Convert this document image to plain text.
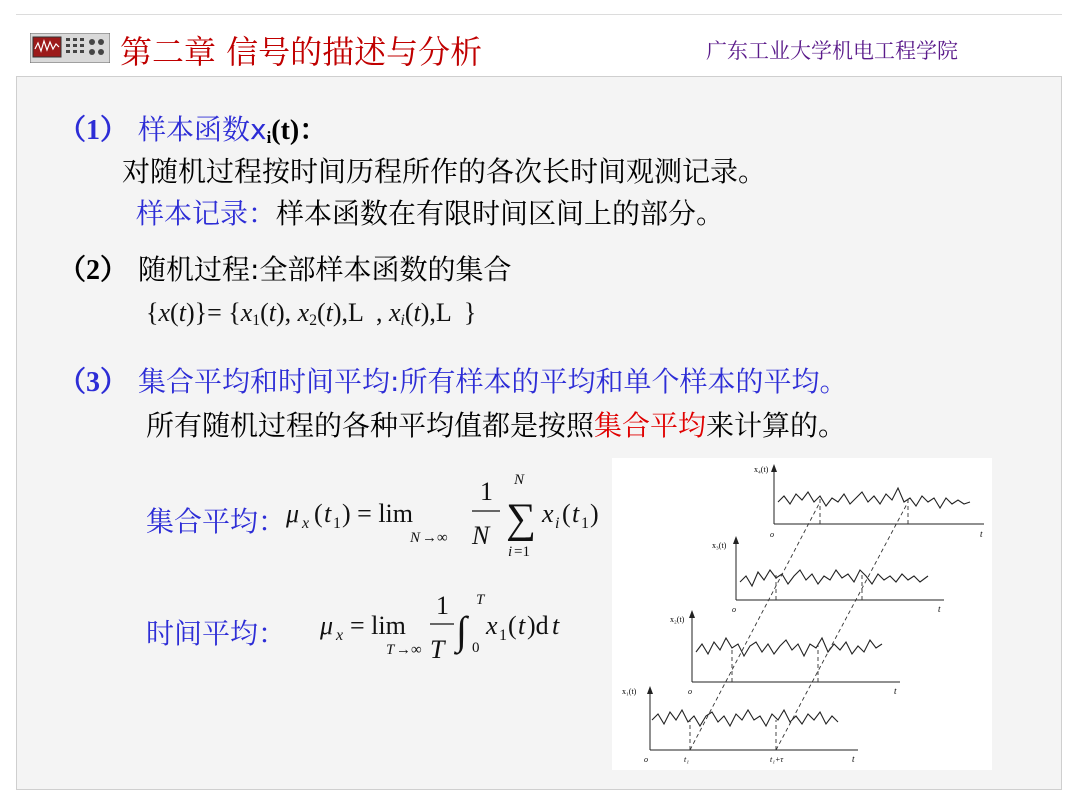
第二章 信号的描述与分析	广东工业大学机电工程学院
（1） 样本函数$x_i(t)$：
对随机过程按时间历程所作的各次长时间观测记录。
样本记录：样本函数在有限时间区间上的部分。
（2） 随机过程:全部样本函数的集合
$\{x(t)\}= \{x_1(t)$, $x_2(t),L$  , $x_i(t),L$  }
（3） 集合平均和时间平均:所有样本的平均和单个样本的平均。
所有随机过程的各种平均值都是按照集合平均来计算的。
集合平均： μ x ( t 1 ) = lim
N →∞
1
N
N
∑
i =1
x i ( t 1 )
时间平均： μ x = lim
T →∞
1
T ∫
T
0
x 1 ( t )d t
x₄(t)
t
o
x₃(t)
t
o
x₂(t)
t
o
x₁(t)
t
o	t₁	t₁+τ
